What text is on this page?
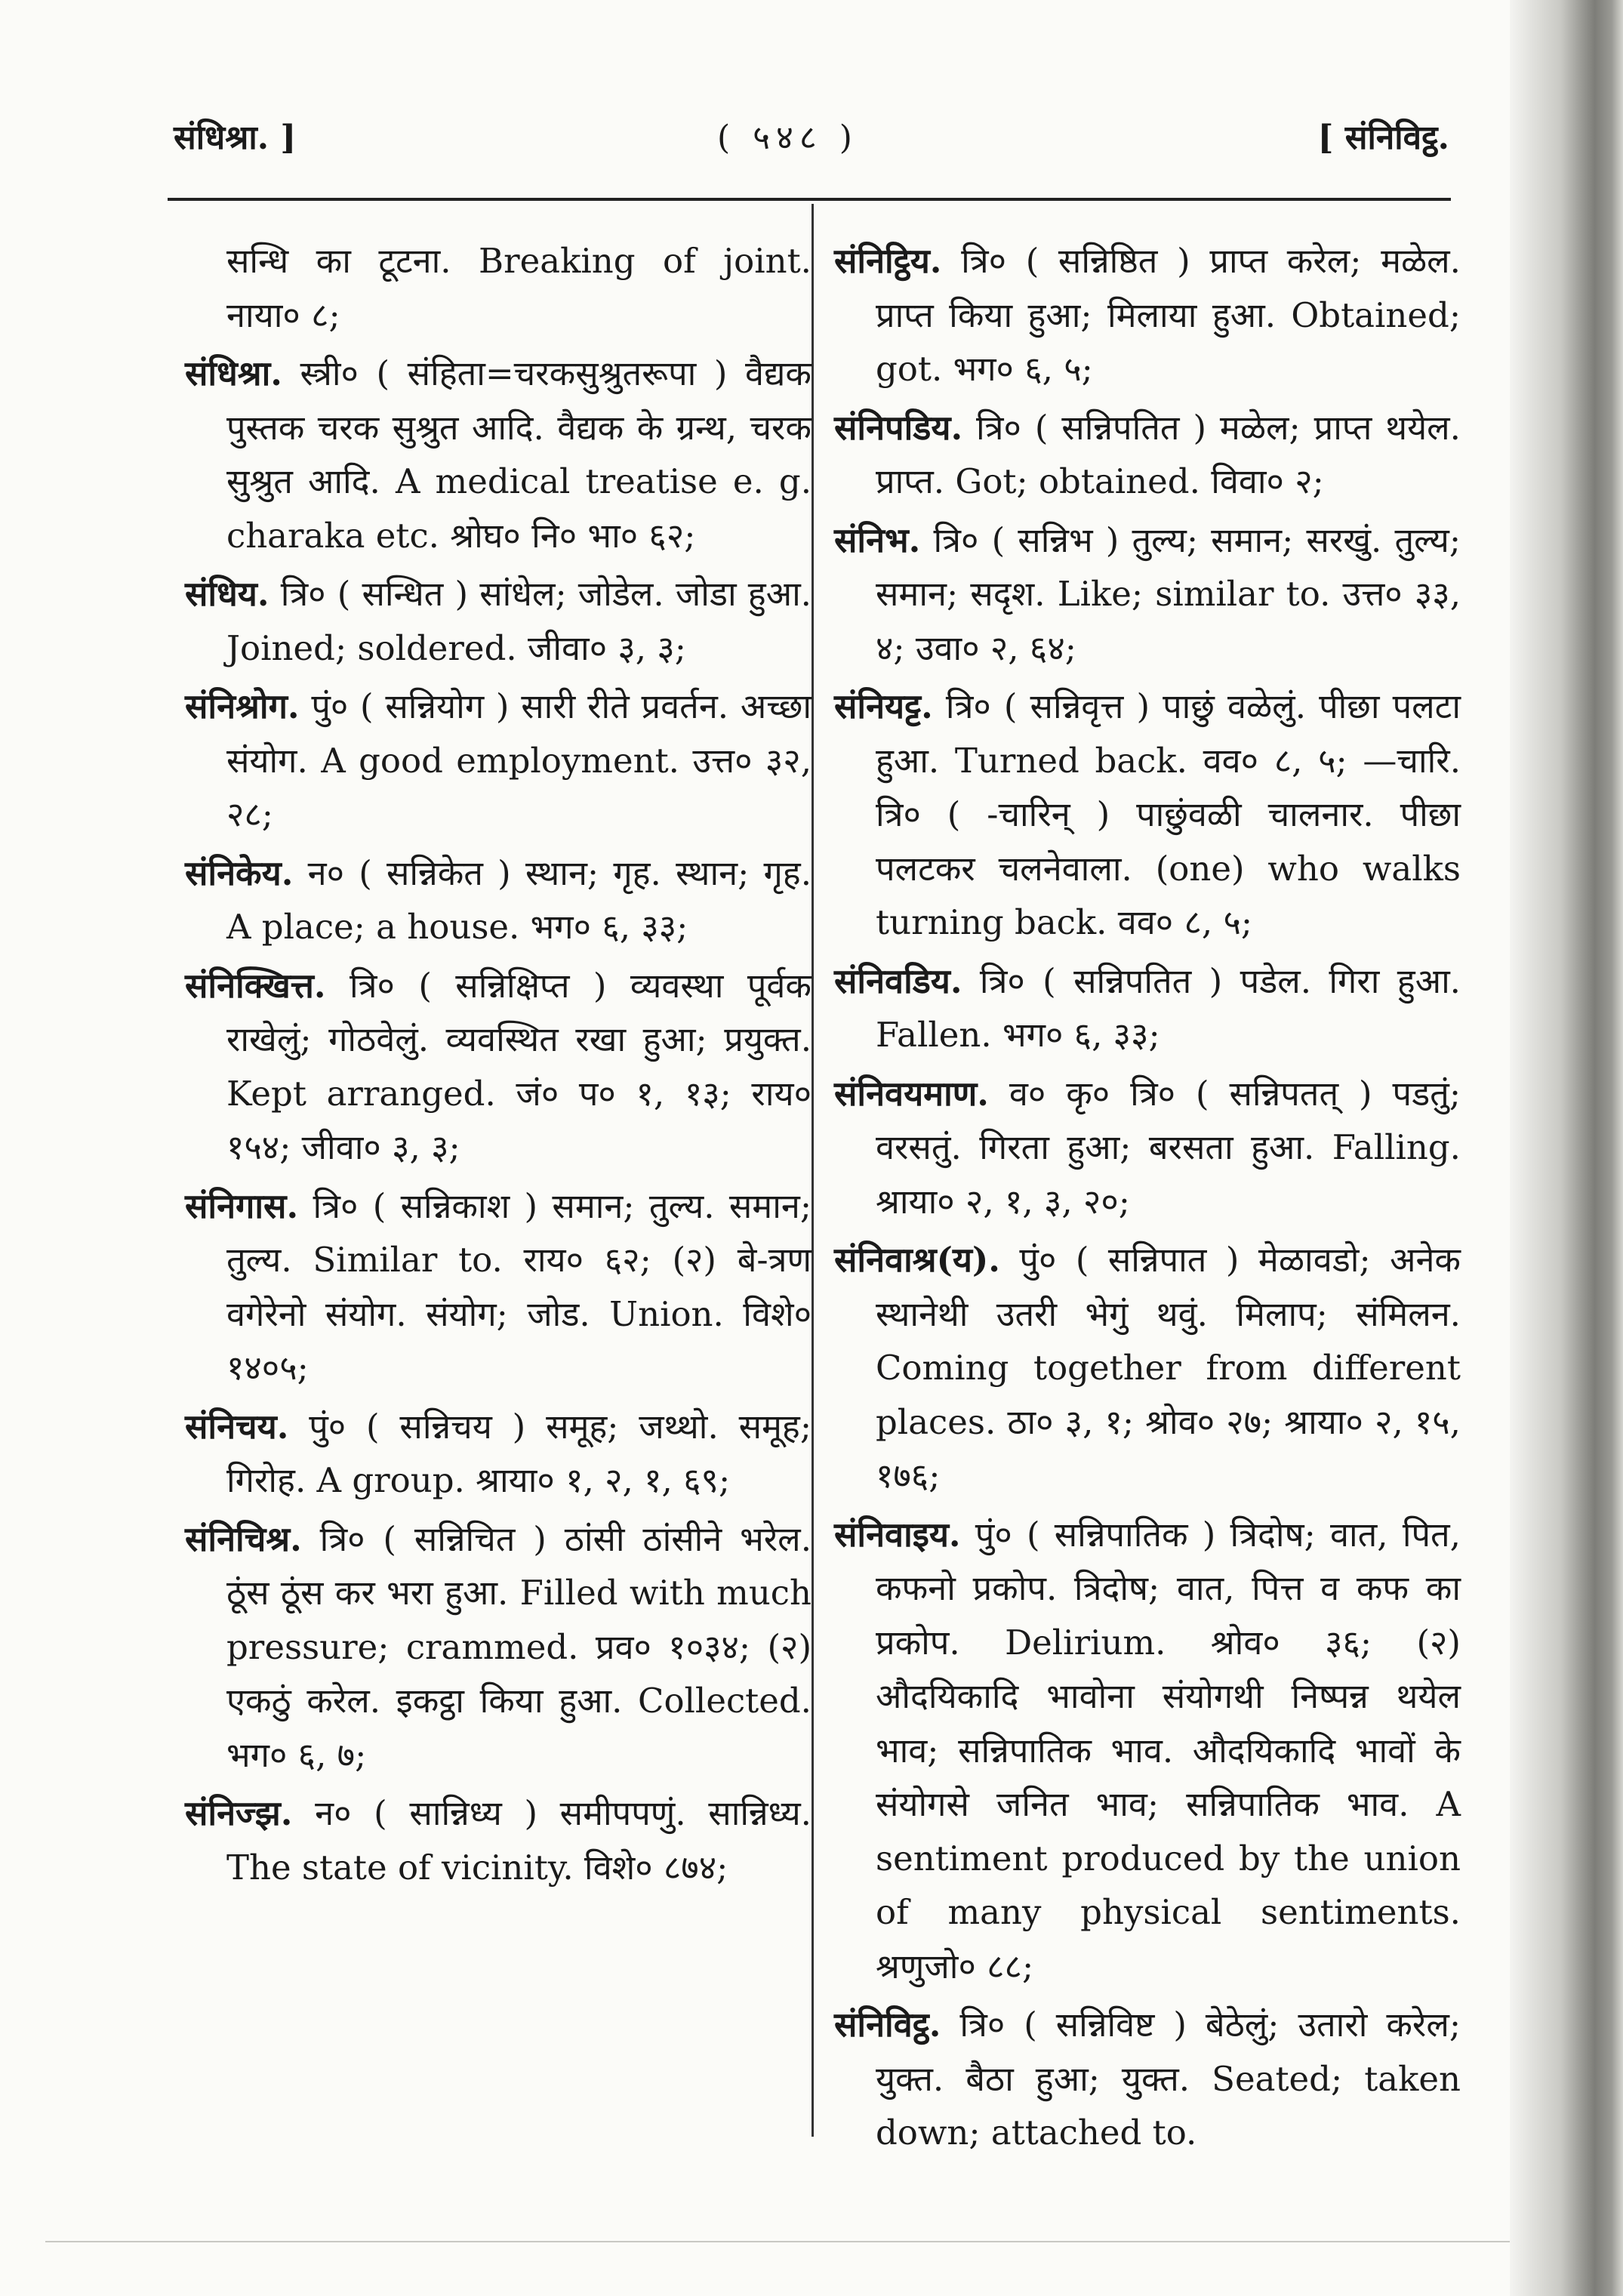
संधिश्रा. ]	( ५४८ )	[ संनिविट्ठ.

सन्धि का टूटना. Breaking of joint. नाया० ८;

संधिश्रा. स्त्री० ( संहिता=चरकसुश्रुतरूपा ) वैद्यक पुस्तक चरक सुश्रुत आदि. वैद्यक के ग्रन्थ, चरक सुश्रुत आदि. A medical treatise e. g. charaka etc. श्रोघ० नि० भा० ६२;

संधिय. त्रि० ( सन्धित ) सांधेल; जोडेल. जोडा हुआ. Joined; soldered. जीवा० ३, ३;

संनिश्रोग. पुं० ( सन्नियोग ) सारी रीते प्रवर्तन. अच्छा संयोग. A good employment. उत्त० ३२, २८;

संनिकेय. न० ( सन्निकेत ) स्थान; गृह. स्थान; गृह. A place; a house. भग० ६, ३३;

संनिक्खित्त. त्रि० ( सन्निक्षिप्त ) व्यवस्था पूर्वक राखेलुं; गोठवेलुं. व्यवस्थित रखा हुआ; प्रयुक्त. Kept arranged. जं० प० १, १३; राय० १५४; जीवा० ३, ३;

संनिगास. त्रि० ( सन्निकाश ) समान; तुल्य. समान; तुल्य. Similar to. राय० ६२; (२) बे-त्रण वगेरेनो संयोग. संयोग; जोड. Union. विशे० १४०५;

संनिचय. पुं० ( सन्निचय ) समूह; जथ्थो. समूह; गिरोह. A group. श्राया० १, २, १, ६९;

संनिचिश्र. त्रि० ( सन्निचित ) ठांसी ठांसीने भरेल. ठूंस ठूंस कर भरा हुआ. Filled with much pressure; crammed. प्रव० १०३४; (२) एकठुं करेल. इकट्ठा किया हुआ. Collected. भग० ६, ७;

संनिज्झ. न० ( सान्निध्य ) समीपपणुं. सान्निध्य. The state of vicinity. विशे० ८७४;

संनिट्ठिय. त्रि० ( सन्निष्ठित ) प्राप्त करेल; मळेल. प्राप्त किया हुआ; मिलाया हुआ. Obtained; got. भग० ६, ५;

संनिपडिय. त्रि० ( सन्निपतित ) मळेल; प्राप्त थयेल. प्राप्त. Got; obtained. विवा० २;

संनिभ. त्रि० ( सन्निभ ) तुल्य; समान; सरखुं. तुल्य; समान; सदृश. Like; similar to. उत्त० ३३, ४; उवा० २, ६४;

संनियट्ट. त्रि० ( सन्निवृत्त ) पाछुं वळेलुं. पीछा पलटा हुआ. Turned back. वव० ८, ५; —चारि. त्रि० ( -चारिन् ) पाछुंवळी चालनार. पीछा पलटकर चलनेवाला. (one) who walks turning back. वव० ८, ५;

संनिवडिय. त्रि० ( सन्निपतित ) पडेल. गिरा हुआ. Fallen. भग० ६, ३३;

संनिवयमाण. व० कृ० त्रि० ( सन्निपतत् ) पडतुं; वरसतुं. गिरता हुआ; बरसता हुआ. Falling. श्राया० २, १, ३, २०;

संनिवाश्र(य). पुं० ( सन्निपात ) मेळावडो; अनेक स्थानेथी उतरी भेगुं थवुं. मिलाप; संमिलन. Coming together from different places. ठा० ३, १; श्रोव० २७; श्राया० २, १५, १७६;

संनिवाइय. पुं० ( सन्निपातिक ) त्रिदोष; वात, पित, कफनो प्रकोप. त्रिदोष; वात, पित्त व कफ का प्रकोप. Delirium. श्रोव० ३६; (२) औदयिकादि भावोना संयोगथी निष्पन्न थयेल भाव; सन्निपातिक भाव. औदयिकादि भावों के संयोगसे जनित भाव; सन्निपातिक भाव. A sentiment produced by the union of many physical sentiments. श्रणुजो० ८८;

संनिविट्ठ. त्रि० ( सन्निविष्ट ) बेठेलुं; उतारो करेल; युक्त. बैठा हुआ; युक्त. Seated; taken down; attached to.
